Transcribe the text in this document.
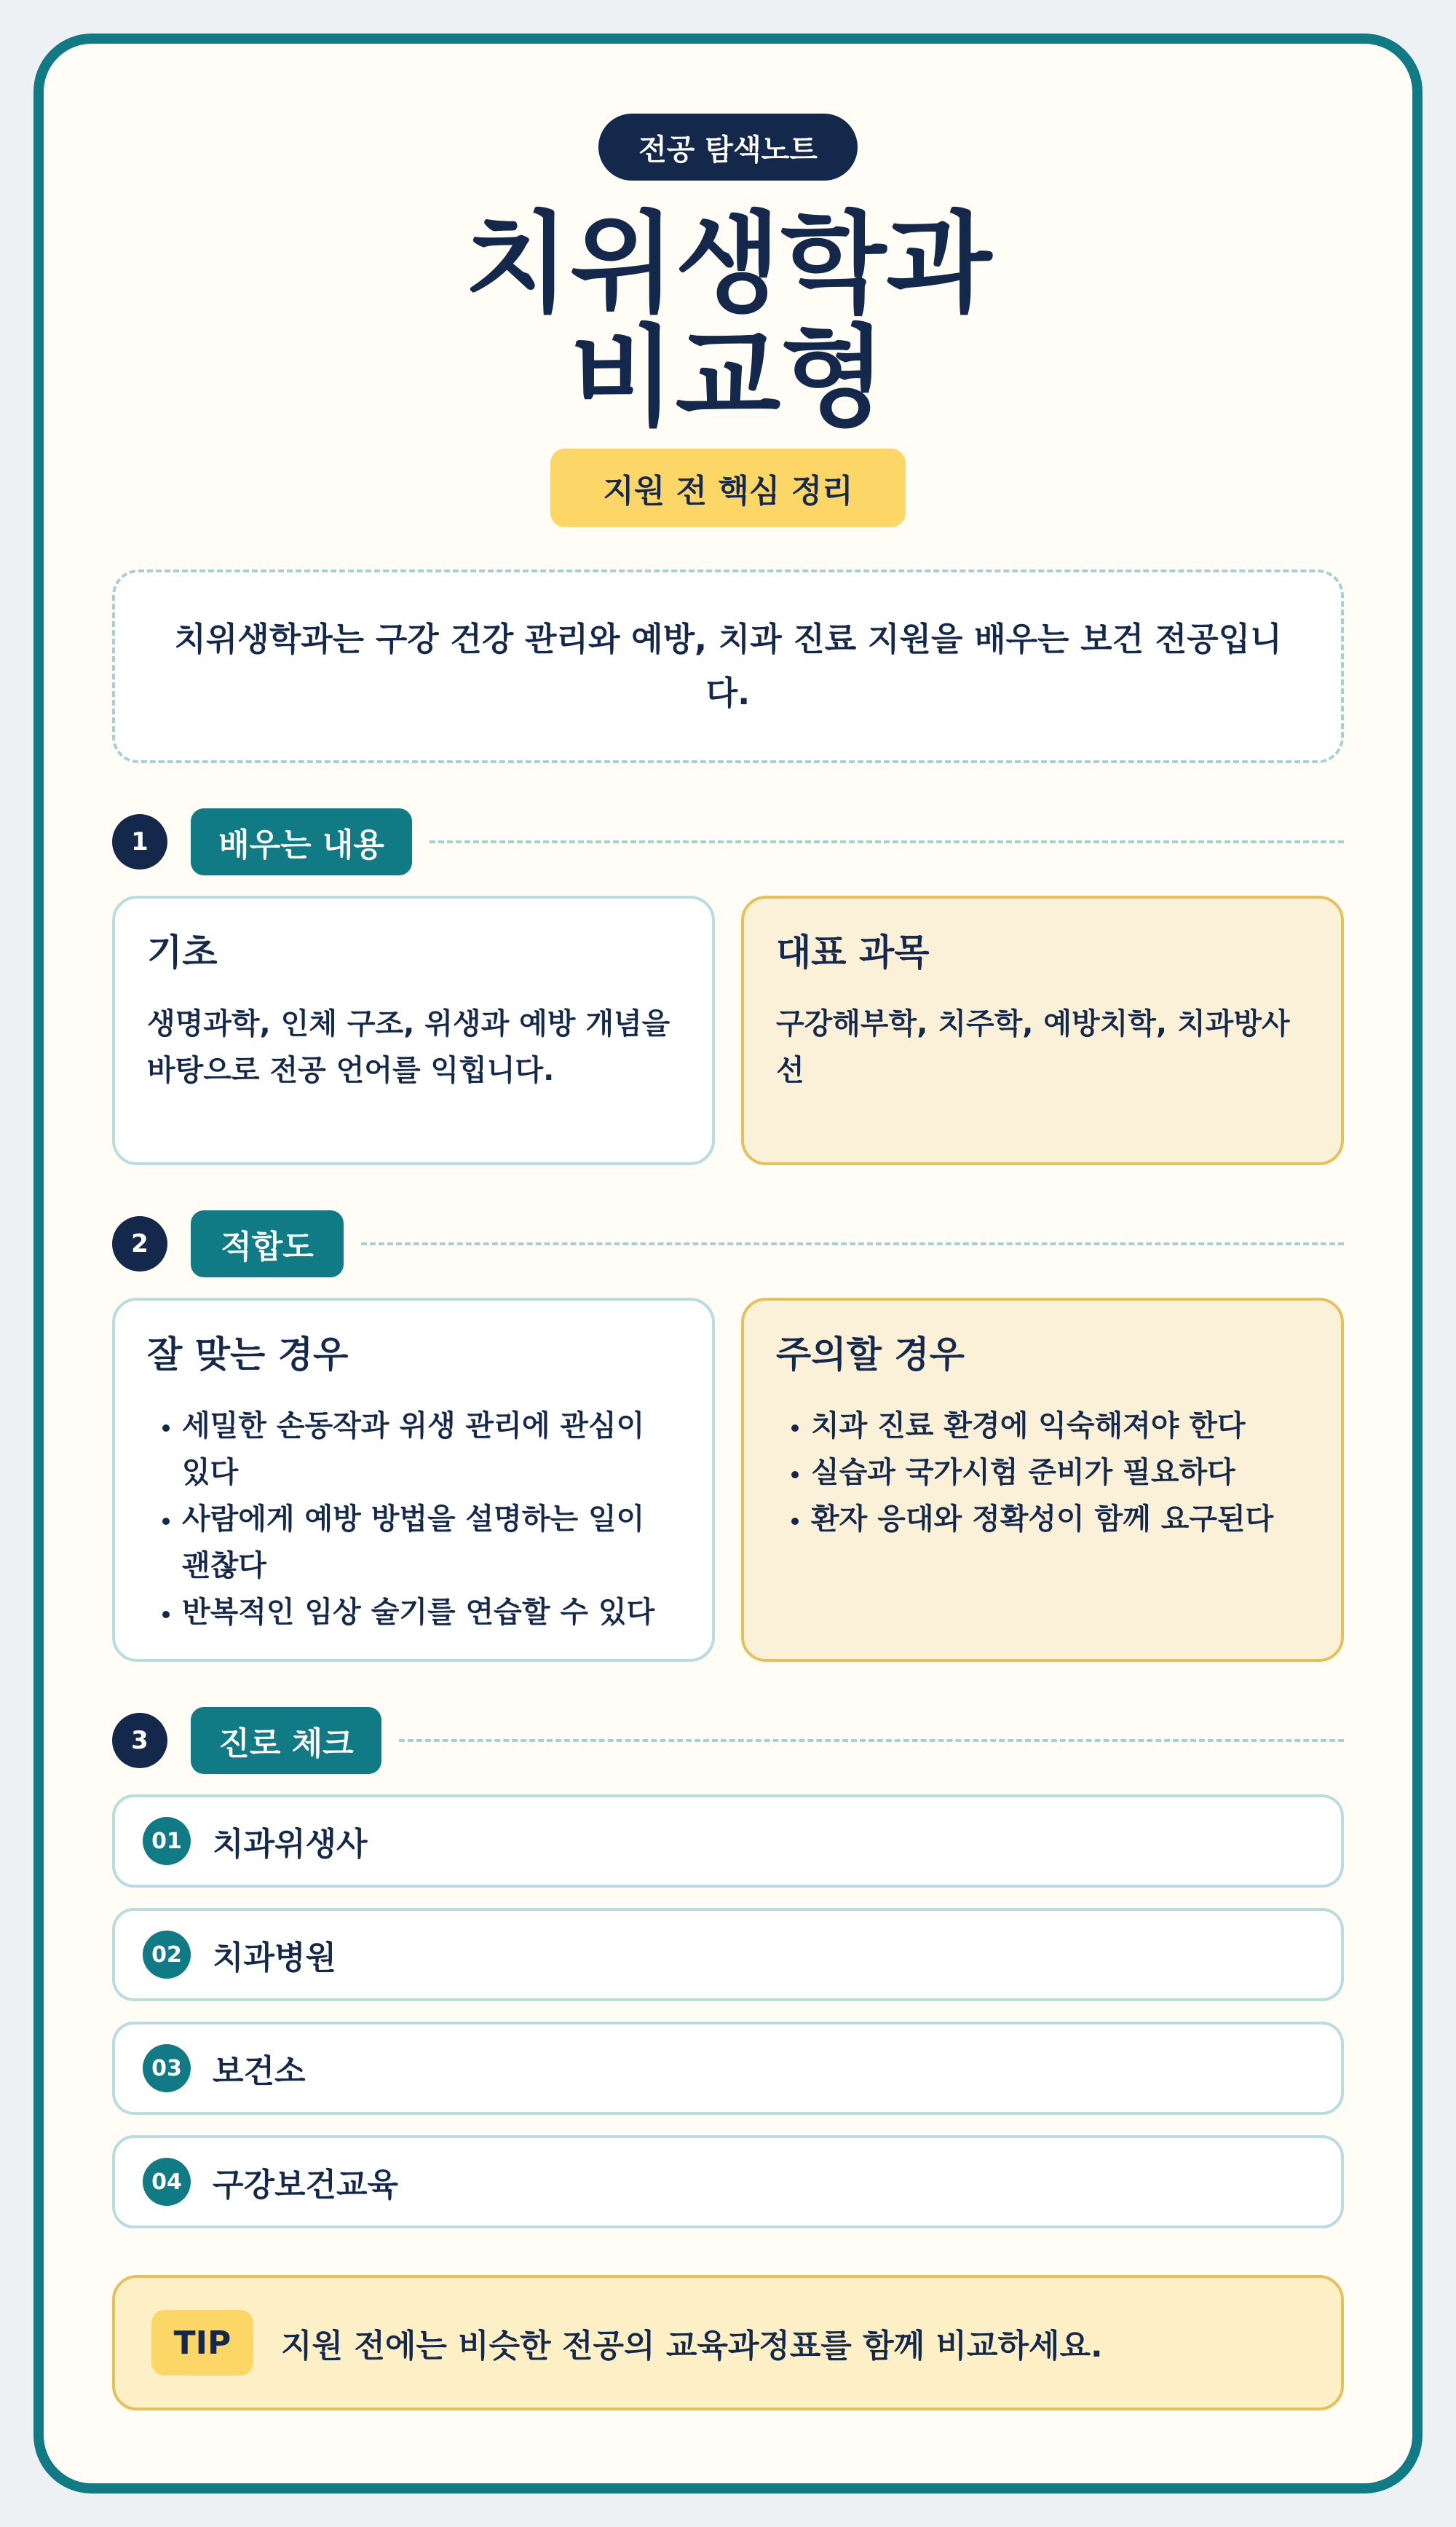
전공 탐색노트
치위생학과
비교형
지원 전 핵심 정리
치위생학과는 구강 건강 관리와 예방, 치과 진료 지원을 배우는 보건 전공입니다.
1	배우는 내용
기초

생명과학, 인체 구조, 위생과 예방 개념을 바탕으로 전공 언어를 익힙니다.

대표 과목

구강해부학, 치주학, 예방치학, 치과방사선

2	적합도
잘 맞는 경우
• 세밀한 손동작과 위생 관리에 관심이 있다
• 사람에게 예방 방법을 설명하는 일이 괜찮다
• 반복적인 임상 술기를 연습할 수 있다
주의할 경우
• 치과 진료 환경에 익숙해져야 한다
• 실습과 국가시험 준비가 필요하다
• 환자 응대와 정확성이 함께 요구된다
3	진로 체크
01 치과위생사
02 치과병원
03 보건소
04 구강보건교육
TIP	지원 전에는 비슷한 전공의 교육과정표를 함께 비교하세요.
